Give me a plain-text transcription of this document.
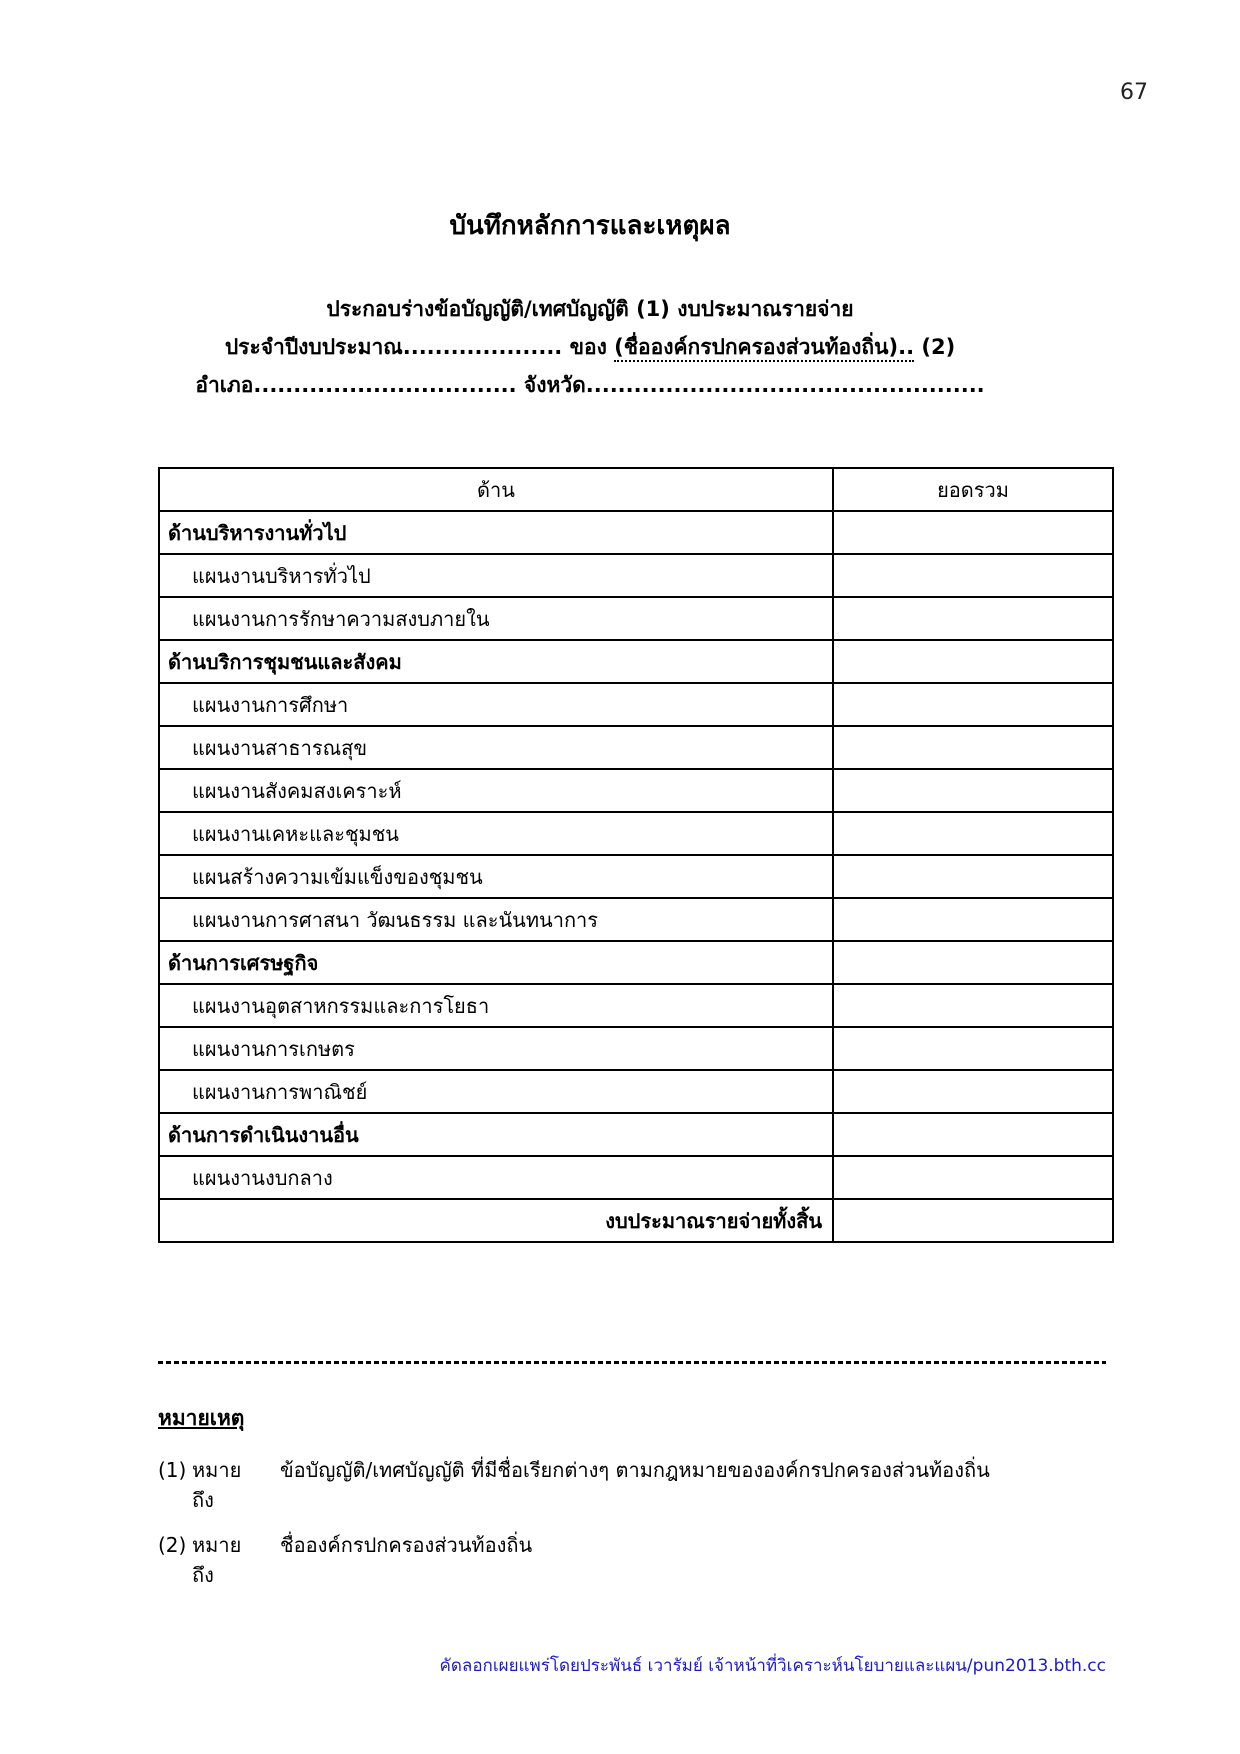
67
บันทึกหลักการและเหตุผล
ประกอบร่างข้อบัญญัติ/เทศบัญญัติ (1) งบประมาณรายจ่าย
ประจำปีงบประมาณ.................... ของ (ชื่อองค์กรปกครองส่วนท้องถิ่น).. (2)
อำเภอ................................. จังหวัด..................................................
ด้าน	ยอดรวม
ด้านบริหารงานทั่วไป	
แผนงานบริหารทั่วไป	
แผนงานการรักษาความสงบภายใน	
ด้านบริการชุมชนและสังคม	
แผนงานการศึกษา	
แผนงานสาธารณสุข	
แผนงานสังคมสงเคราะห์	
แผนงานเคหะและชุมชน	
แผนสร้างความเข้มแข็งของชุมชน	
แผนงานการศาสนา วัฒนธรรม และนันทนาการ	
ด้านการเศรษฐกิจ	
แผนงานอุตสาหกรรมและการโยธา	
แผนงานการเกษตร	
แผนงานการพาณิชย์	
ด้านการดำเนินงานอื่น	
แผนงานงบกลาง	
งบประมาณรายจ่ายทั้งสิ้น	
หมายเหตุ
(1) หมายถึง
ข้อบัญญัติ/เทศบัญญัติ ที่มีชื่อเรียกต่างๆ ตามกฎหมายขององค์กรปกครองส่วนท้องถิ่น
(2) หมายถึง
ชื่อองค์กรปกครองส่วนท้องถิ่น
คัดลอกเผยแพร่โดยประพันธ์ เวารัมย์ เจ้าหน้าที่วิเคราะห์นโยบายและแผน/pun2013.bth.cc
